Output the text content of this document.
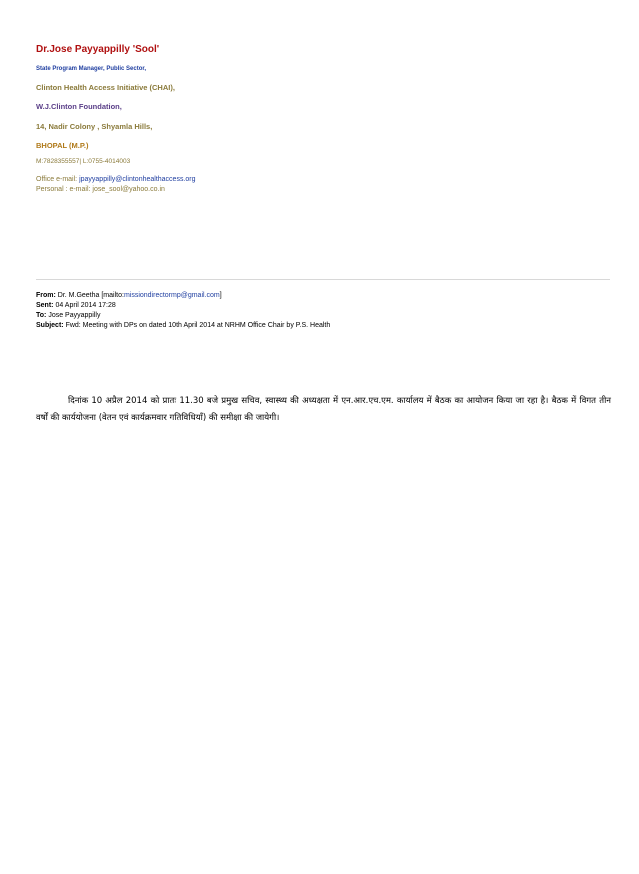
Dr.Jose Payyappilly 'Sool'
State Program Manager, Public Sector,
Clinton Health Access Initiative (CHAI),
W.J.Clinton Foundation,
14, Nadir Colony , Shyamla Hills,
BHOPAL (M.P.)
M:7828355557| L:0755-4014003
Office e-mail: jpayyappilly@clintonhealthaccess.org
Personal : e-mail: jose_sool@yahoo.co.in
From: Dr. M.Geetha [mailto:missiondirectormp@gmail.com]
Sent: 04 April 2014 17:28
To: Jose Payyappilly
Subject: Fwd: Meeting with DPs on dated 10th April 2014 at NRHM Office Chair by P.S. Health

दिनांक 10 अप्रैल 2014 को प्रातः 11.30 बजे प्रमुख सचिव, स्वास्थ्य की अध्यक्षता में एन.आर.एच.एम. कार्यालय में बैठक का आयोजन किया जा रहा है। बैठक में विगत तीन वर्षों की कार्ययोजना (वेतन एवं कार्यक्रमवार गतिविधियाँ) की समीक्षा की जायेगी।
